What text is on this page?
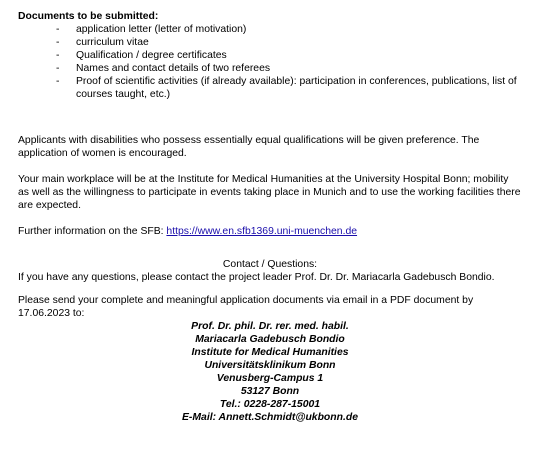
Documents to be submitted:

- application letter (letter of motivation)
- curriculum vitae
- Qualification / degree certificates
- Names and contact details of two referees
- Proof of scientific activities (if already available): participation in conferences, publications, list of courses taught, etc.)

Applicants with disabilities who possess essentially equal qualifications will be given preference. The application of women is encouraged.

Your main workplace will be at the Institute for Medical Humanities at the University Hospital Bonn; mobility as well as the willingness to participate in events taking place in Munich and to use the working facilities there are expected.

Further information on the SFB: https://www.en.sfb1369.uni-muenchen.de

Contact / Questions:

If you have any questions, please contact the project leader Prof. Dr. Dr. Mariacarla Gadebusch Bondio.

Please send your complete and meaningful application documents via email in a PDF document by 17.06.2023 to:

Prof. Dr. phil. Dr. rer. med. habil.

Mariacarla Gadebusch Bondio

Institute for Medical Humanities

Universitätsklinikum Bonn

Venusberg-Campus 1

53127 Bonn

Tel.: 0228-287-15001

E-Mail: Annett.Schmidt@ukbonn.de
